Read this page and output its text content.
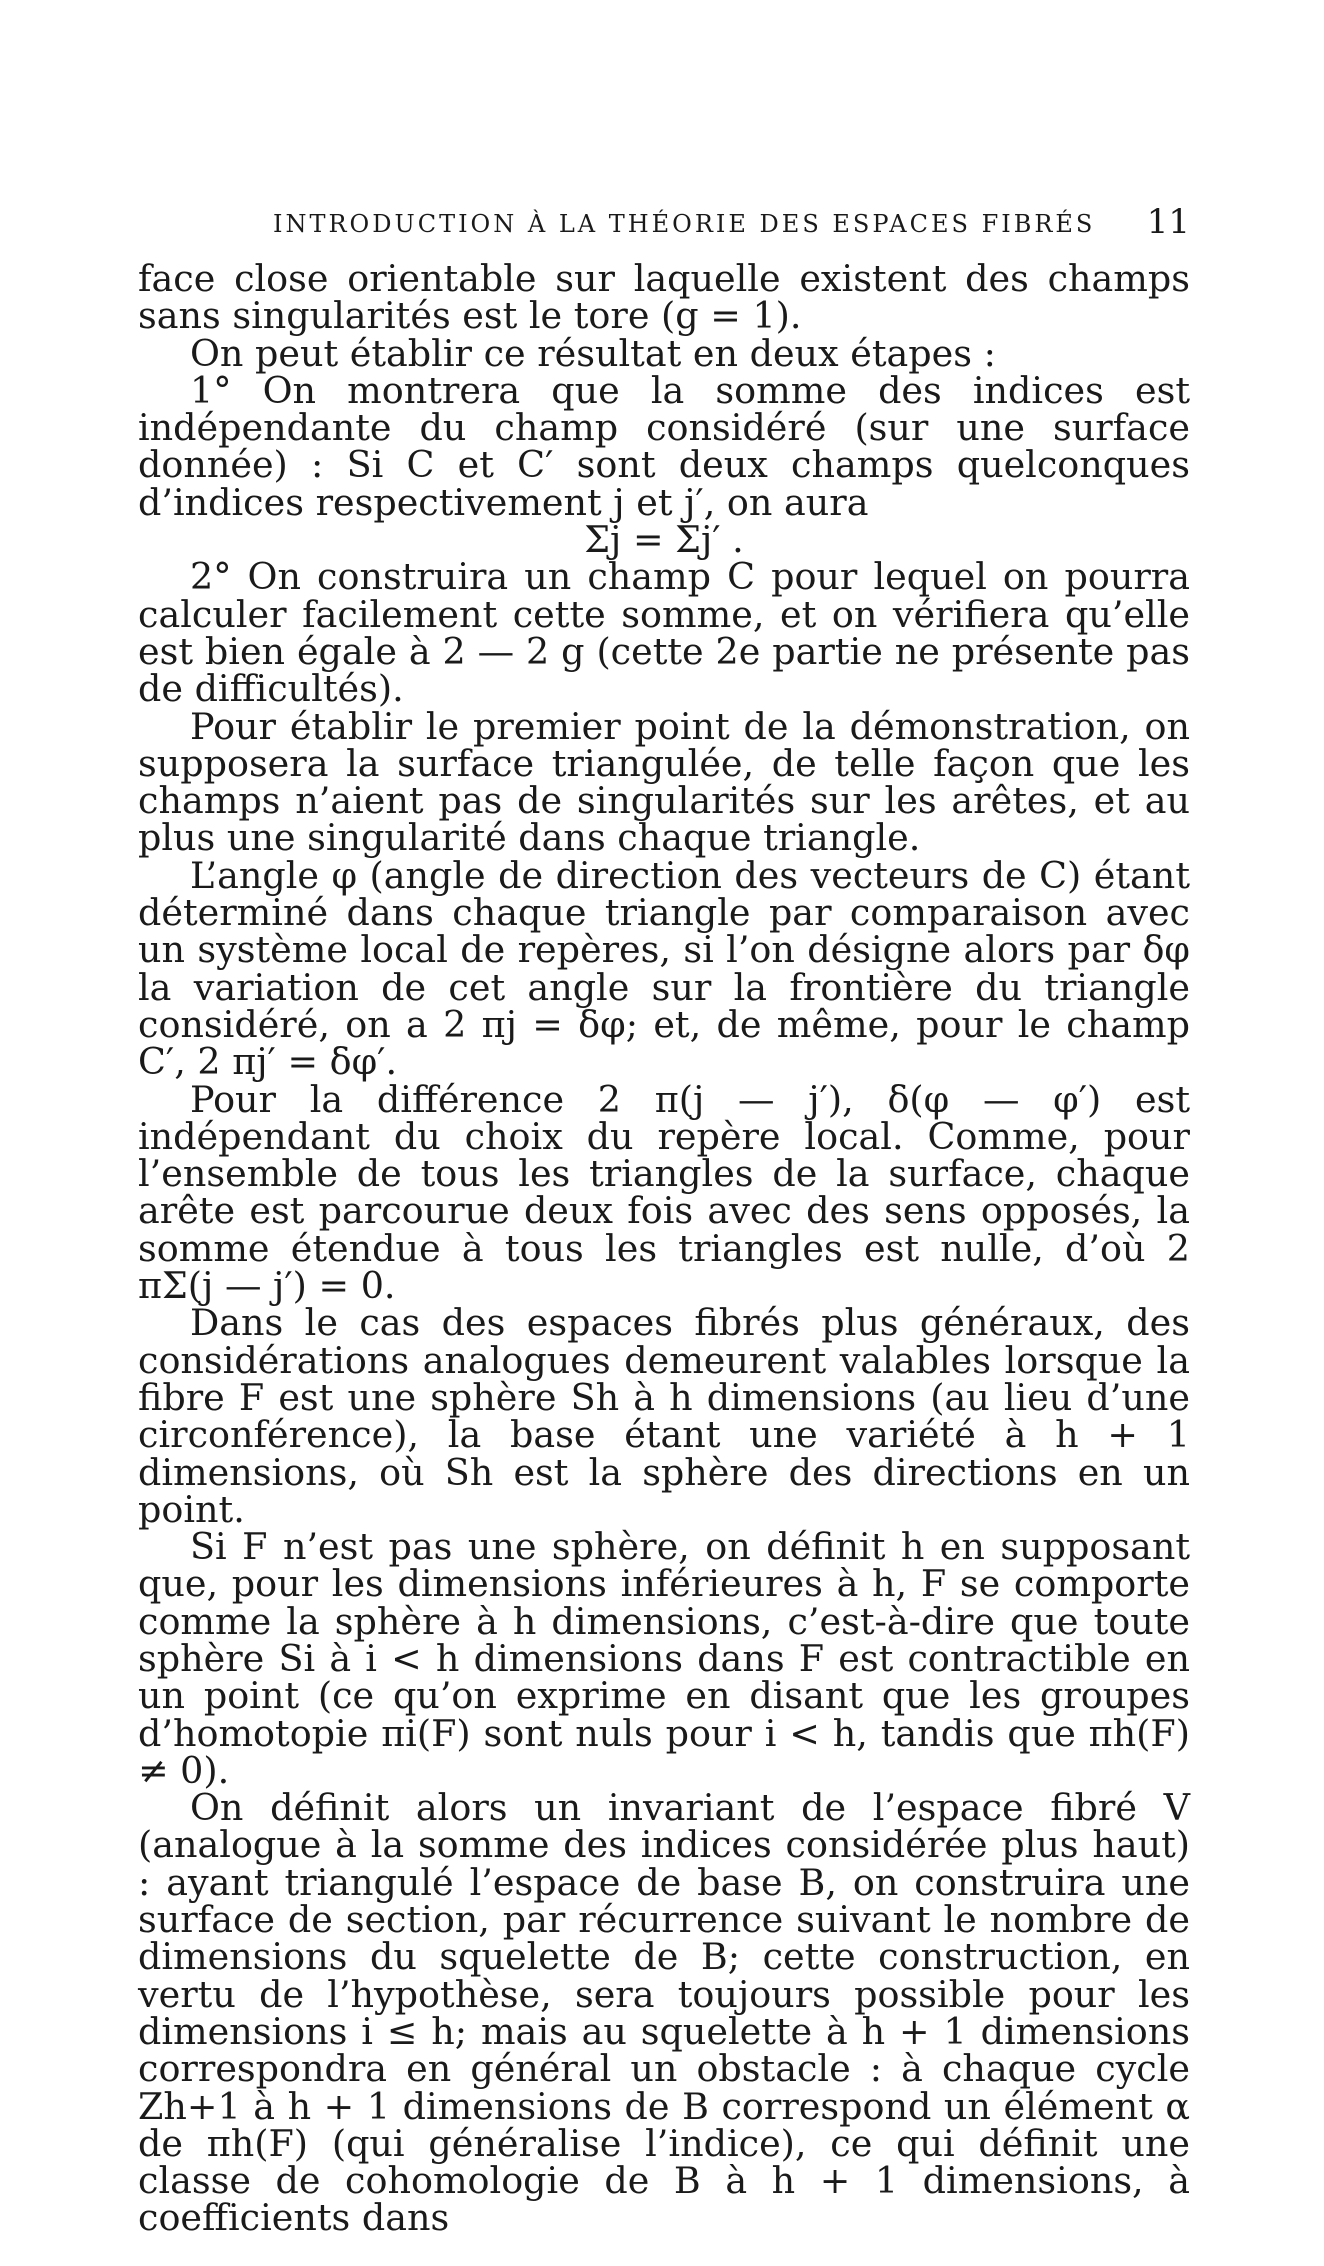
INTRODUCTION À LA THÉORIE DES ESPACES FIBRÉS 11

face close orientable sur laquelle existent des champs sans singularités est le tore (g = 1).

On peut établir ce résultat en deux étapes :

1° On montrera que la somme des indices est indépendante du champ considéré (sur une surface donnée) : Si C et C′ sont deux champs quelconques d’indices respectivement j et j′, on aura

Σj = Σj′ .

2° On construira un champ C pour lequel on pourra calculer facilement cette somme, et on vérifiera qu’elle est bien égale à 2 — 2 g (cette 2e partie ne présente pas de difficultés).

Pour établir le premier point de la démonstration, on supposera la surface triangulée, de telle façon que les champs n’aient pas de singularités sur les arêtes, et au plus une singularité dans chaque triangle.

L’angle φ (angle de direction des vecteurs de C) étant déterminé dans chaque triangle par comparaison avec un système local de repères, si l’on désigne alors par δφ la variation de cet angle sur la frontière du triangle considéré, on a 2 πj = δφ; et, de même, pour le champ C′, 2 πj′ = δφ′.

Pour la différence 2 π(j — j′), δ(φ — φ′) est indépendant du choix du repère local. Comme, pour l’ensemble de tous les triangles de la surface, chaque arête est parcourue deux fois avec des sens opposés, la somme étendue à tous les triangles est nulle, d’où 2 πΣ(j — j′) = 0.

Dans le cas des espaces fibrés plus généraux, des considérations analogues demeurent valables lorsque la fibre F est une sphère Sh à h dimensions (au lieu d’une circonférence), la base étant une variété à h + 1 dimensions, où Sh est la sphère des directions en un point.

Si F n’est pas une sphère, on définit h en supposant que, pour les dimensions inférieures à h, F se comporte comme la sphère à h dimensions, c’est-à-dire que toute sphère Si à i < h dimensions dans F est contractible en un point (ce qu’on exprime en disant que les groupes d’homotopie πi(F) sont nuls pour i < h, tandis que πh(F) ≠ 0).

On définit alors un invariant de l’espace fibré V (analogue à la somme des indices considérée plus haut) : ayant triangulé l’espace de base B, on construira une surface de section, par récurrence suivant le nombre de dimensions du squelette de B; cette construction, en vertu de l’hypothèse, sera toujours possible pour les dimensions i ≤ h; mais au squelette à h + 1 dimensions correspondra en général un obstacle : à chaque cycle Zh+1 à h + 1 dimensions de B correspond un élément α de πh(F) (qui généralise l’indice), ce qui définit une classe de cohomologie de B à h + 1 dimensions, à coefficients dans
